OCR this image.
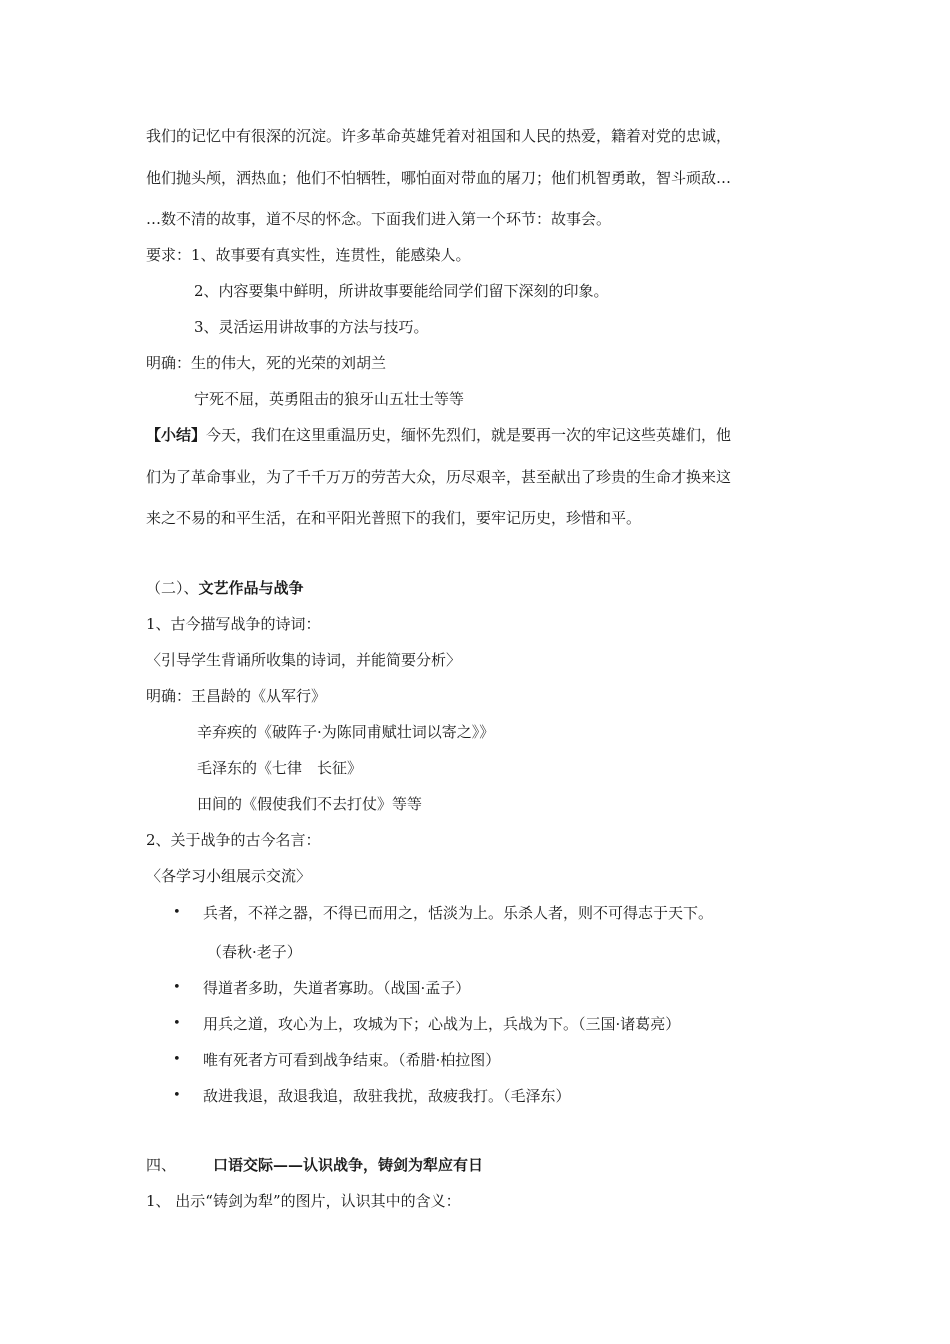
我们的记忆中有很深的沉淀。许多革命英雄凭着对祖国和人民的热爱，籍着对党的忠诚，
他们抛头颅，洒热血；他们不怕牺牲，哪怕面对带血的屠刀；他们机智勇敢，智斗顽敌…
…数不清的故事，道不尽的怀念。下面我们进入第一个环节：故事会。
要求：1、故事要有真实性，连贯性，能感染人。
2、内容要集中鲜明，所讲故事要能给同学们留下深刻的印象。
3、灵活运用讲故事的方法与技巧。
明确：生的伟大，死的光荣的刘胡兰
宁死不屈，英勇阻击的狼牙山五壮士等等
【小结】今天，我们在这里重温历史，缅怀先烈们，就是要再一次的牢记这些英雄们，他
们为了革命事业，为了千千万万的劳苦大众，历尽艰辛，甚至献出了珍贵的生命才换来这
来之不易的和平生活，在和平阳光普照下的我们，要牢记历史，珍惜和平。
（二）、文艺作品与战争
1、古今描写战争的诗词：
〈引导学生背诵所收集的诗词，并能简要分析〉
明确：王昌龄的《从军行》
辛弃疾的《破阵子·为陈同甫赋壮词以寄之》》
毛泽东的《七律　长征》
田间的《假使我们不去打仗》等等
2、关于战争的古今名言：
〈各学习小组展示交流〉
• 兵者，不祥之器，不得已而用之，恬淡为上。乐杀人者，则不可得志于天下。
（春秋·老子）
• 得道者多助，失道者寡助。（战国·孟子）
• 用兵之道，攻心为上，攻城为下；心战为上，兵战为下。（三国·诸葛亮）
• 唯有死者方可看到战争结束。（希腊·柏拉图）
• 敌进我退，敌退我追，敌驻我扰，敌疲我打。（毛泽东）
四、 口语交际——认识战争，铸剑为犁应有日
1、 出示“铸剑为犁”的图片，认识其中的含义：
